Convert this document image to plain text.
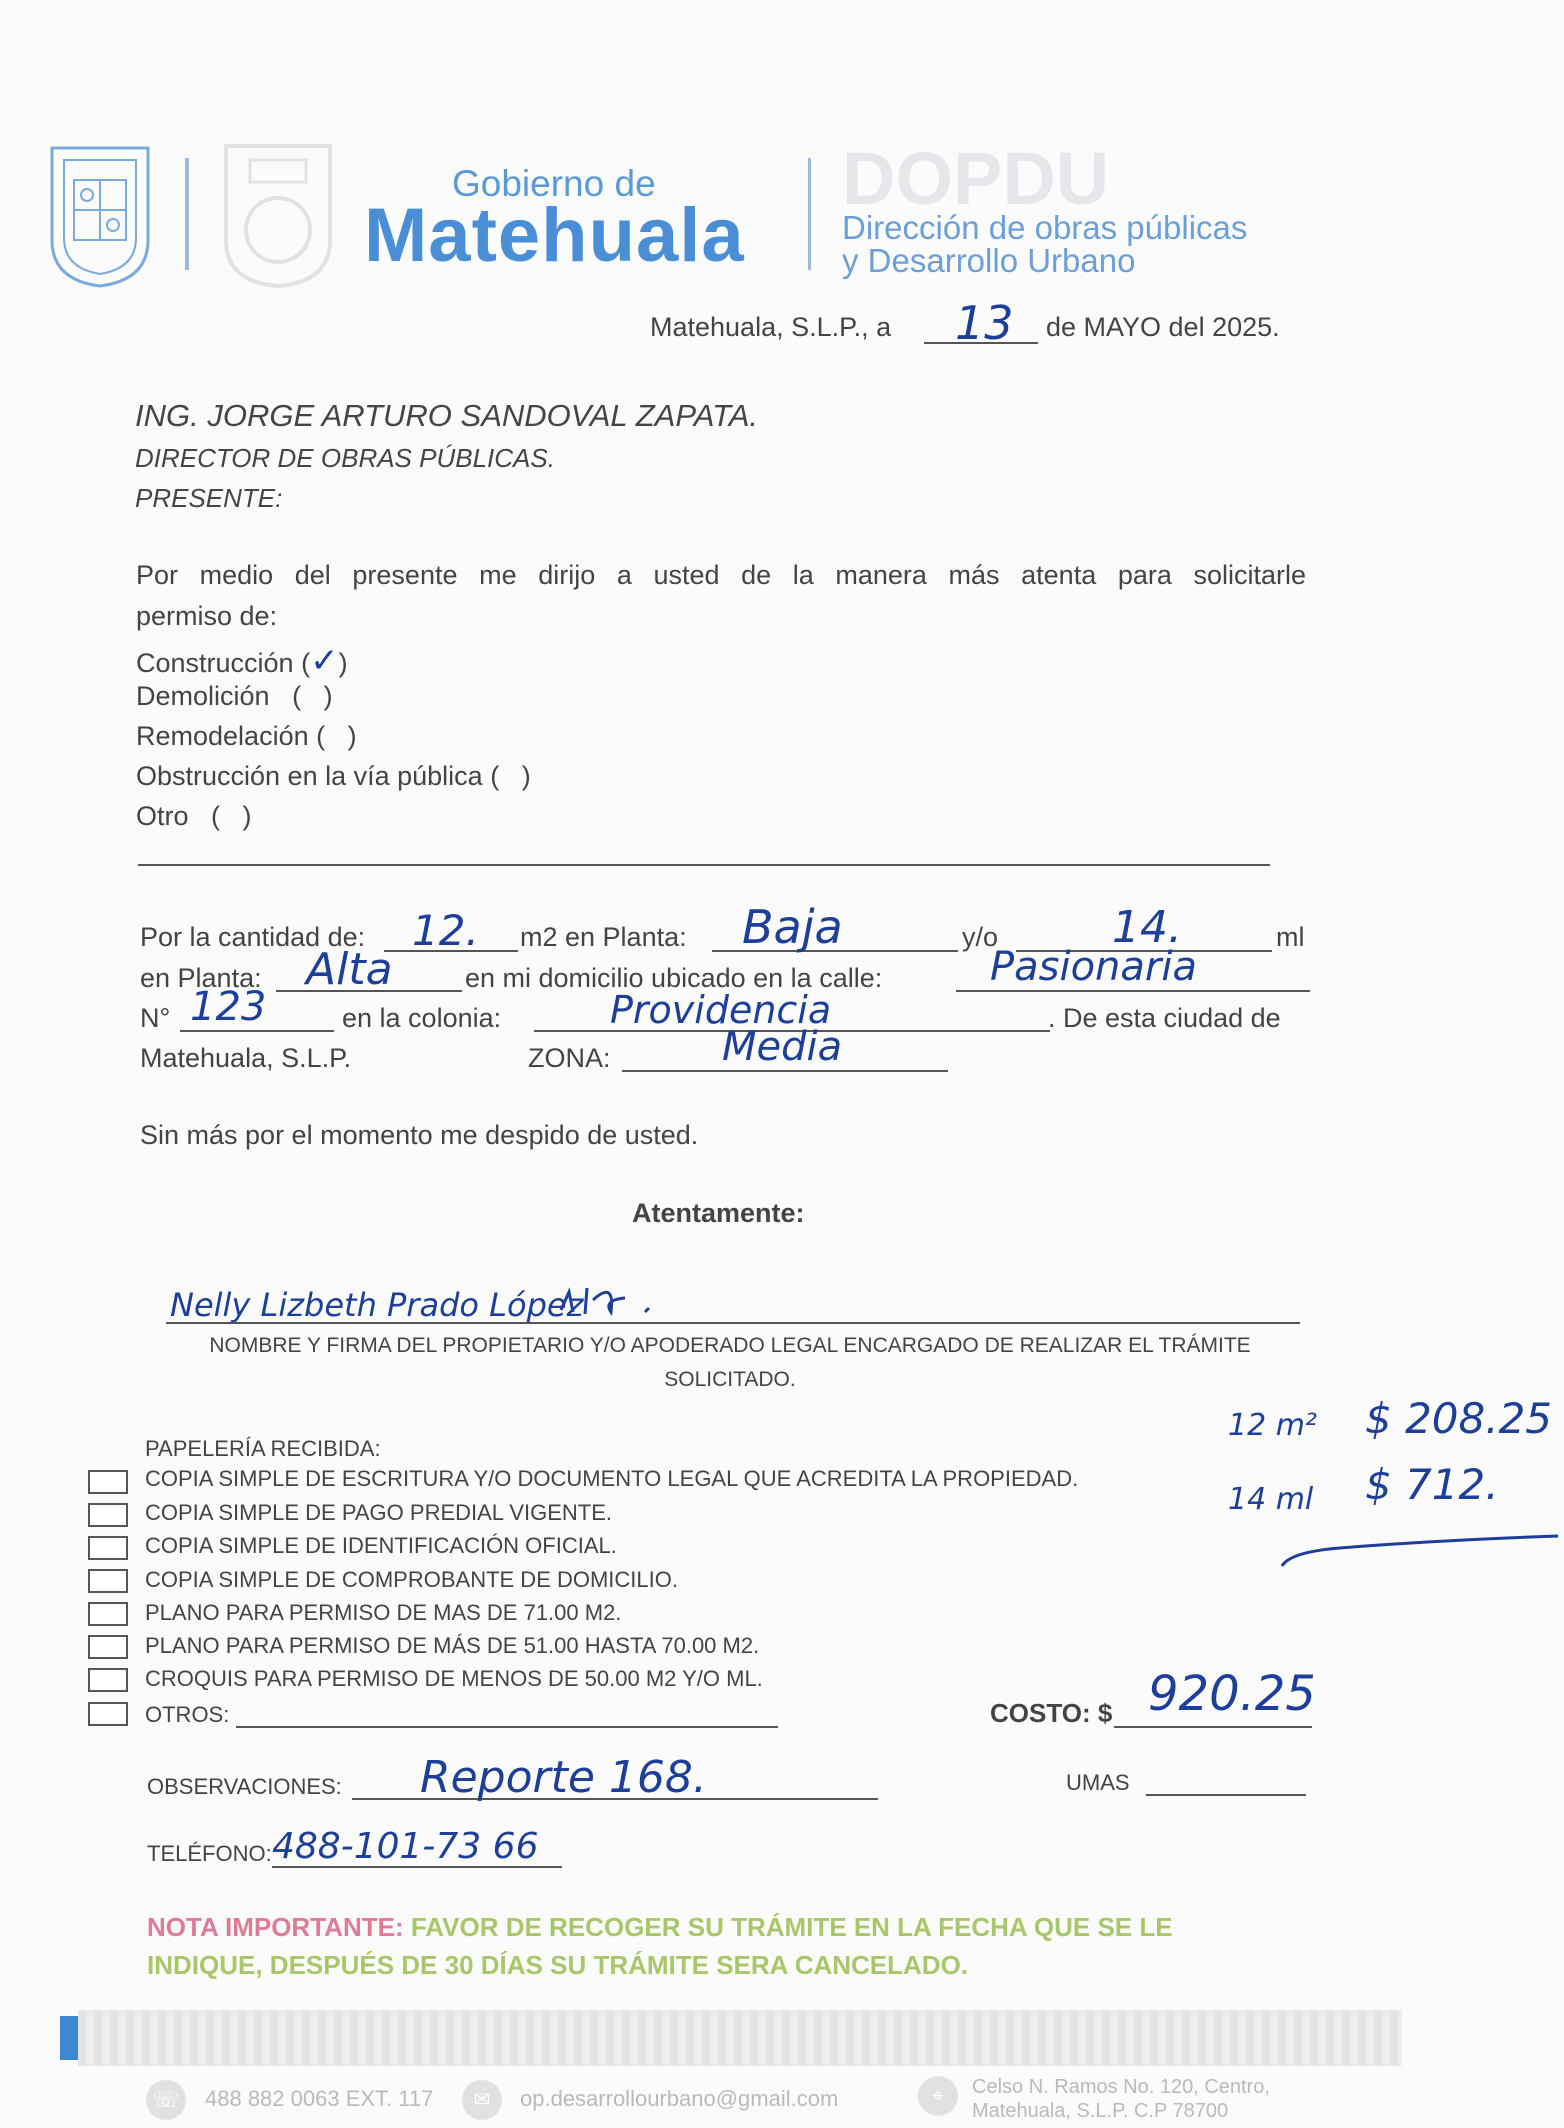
Gobierno de
Matehuala
DOPDU
Dirección de obras públicas
y Desarrollo Urbano
Matehuala, S.L.P., a 13 de MAYO del 2025.
ING. JORGE ARTURO SANDOVAL ZAPATA.
DIRECTOR DE OBRAS PÚBLICAS.
PRESENTE:
Por medio del presente me dirijo a usted de la manera más atenta para solicitarle
permiso de:
Construcción (✓)
Demolición   (   )
Remodelación (   )
Obstrucción en la vía pública (   )
Otro   (   )
Por la cantidad de: 12. m2 en Planta: Baja	y/o	14.	ml
en Planta: Alta	en mi domicilio ubicado en la calle:	Pasionaria
N° 123	en la colonia:	Providencia	. De esta ciudad de
Matehuala, S.L.P.	ZONA:	Media
Sin más por el momento me despido de usted.
Atentamente:
Nelly Lizbeth Prado López
NOMBRE Y FIRMA DEL PROPIETARIO Y/O APODERADO LEGAL ENCARGADO DE REALIZAR EL TRÁMITE
SOLICITADO.
PAPELERÍA RECIBIDA:
COPIA SIMPLE DE ESCRITURA Y/O DOCUMENTO LEGAL QUE ACREDITA LA PROPIEDAD.
COPIA SIMPLE DE PAGO PREDIAL VIGENTE.
COPIA SIMPLE DE IDENTIFICACIÓN OFICIAL.
COPIA SIMPLE DE COMPROBANTE DE DOMICILIO.
PLANO PARA PERMISO DE MAS DE 71.00 M2.
PLANO PARA PERMISO DE MÁS DE 51.00 HASTA 70.00 M2.
CROQUIS PARA PERMISO DE MENOS DE 50.00 M2 Y/O ML.
OTROS:
12 m² $ 208.25
14 ml $ 712.
COSTO: $ 920.25
UMAS
OBSERVACIONES: Reporte 168.
TELÉFONO: 488-101-73 66
NOTA IMPORTANTE: FAVOR DE RECOGER SU TRÁMITE EN LA FECHA QUE SE LE
INDIQUE, DESPUÉS DE 30 DÍAS SU TRÁMITE SERA CANCELADO.
☏ 488 882 0063 EXT. 117	✉	op.desarrollourbano@gmail.com	⌖	Celso N. Ramos No. 120, Centro,
Matehuala, S.L.P. C.P 78700
